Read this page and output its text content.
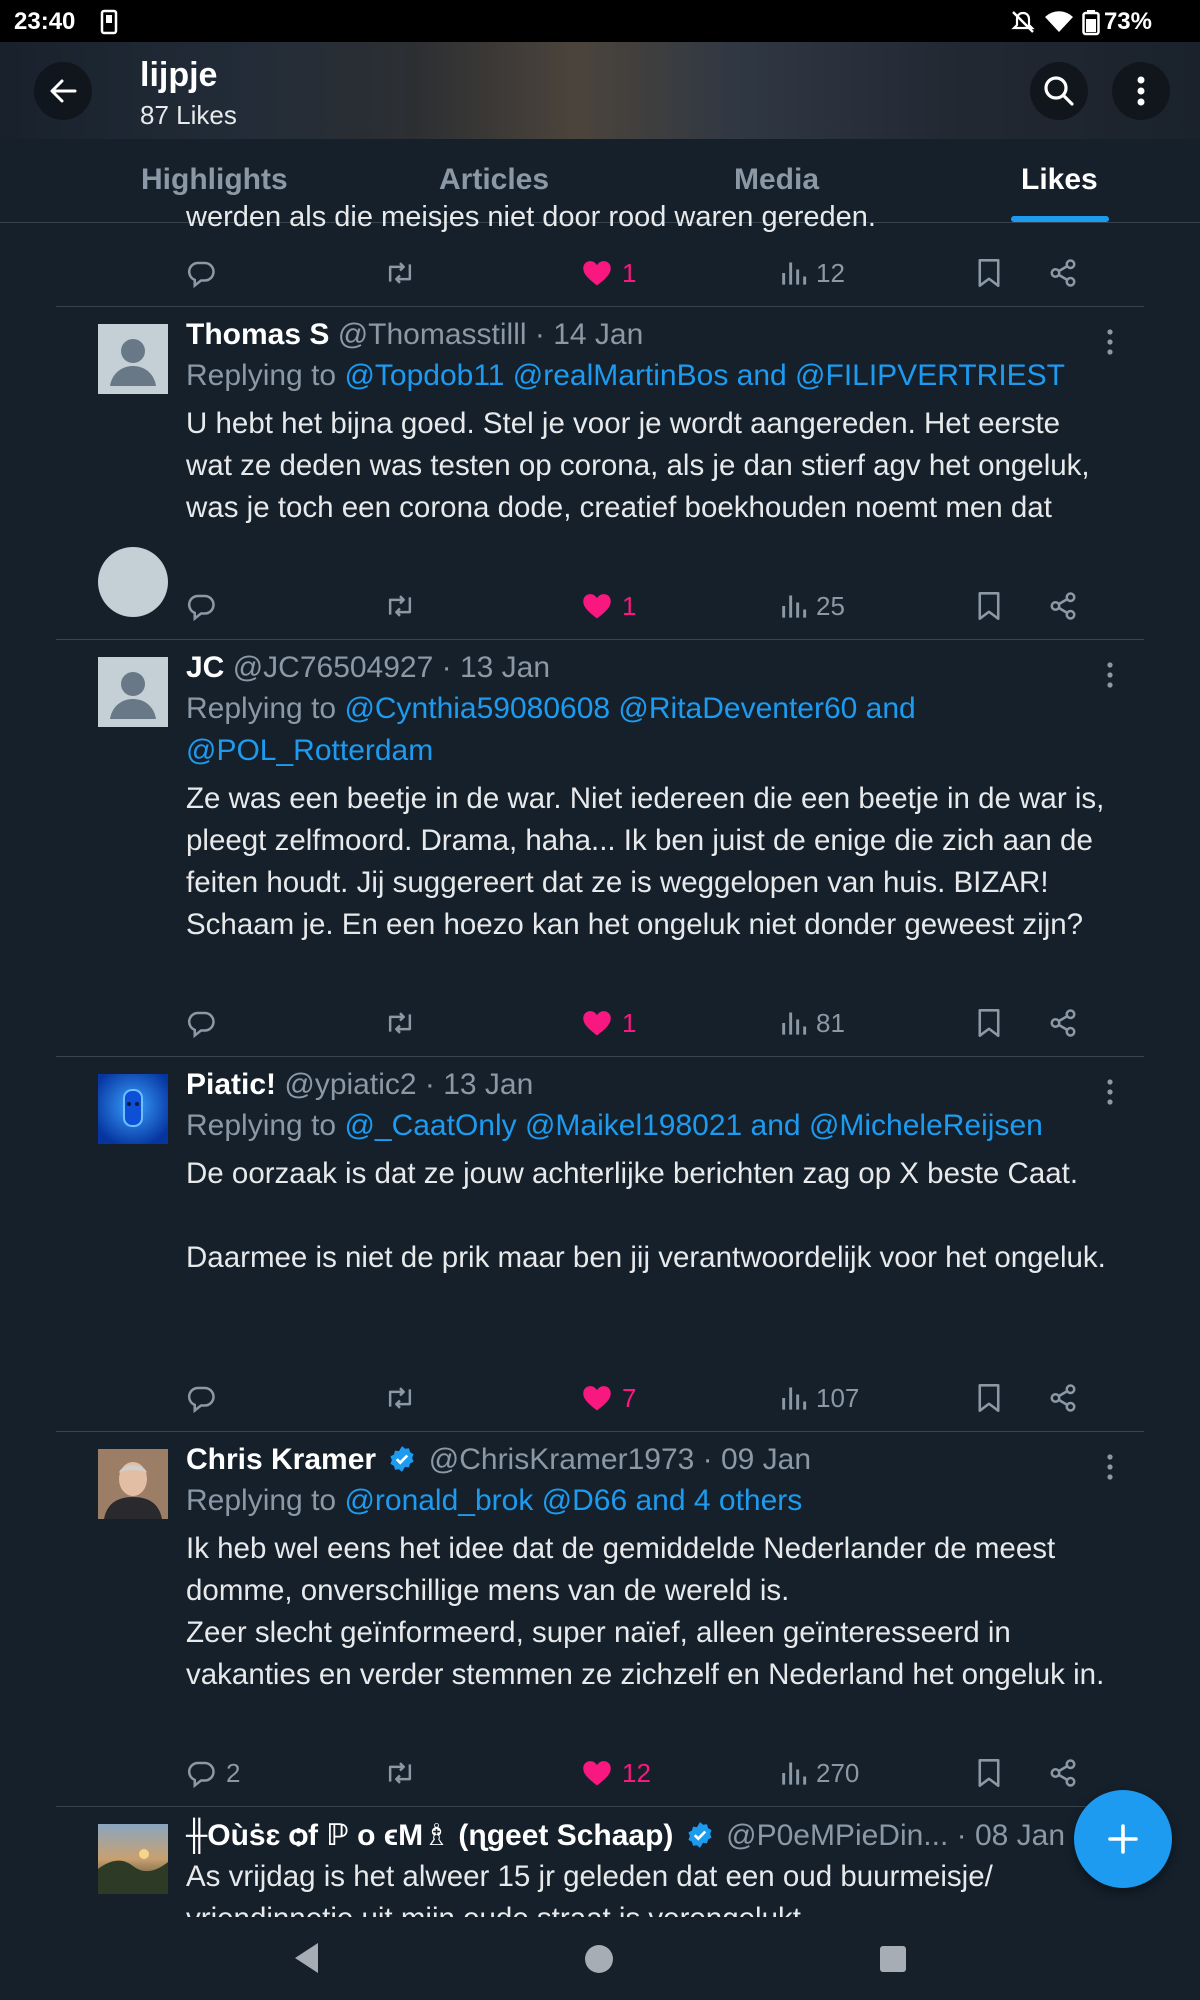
23:40	73%
lijpje
87 Likes
Highlights	Articles	Media	Likes
werden als die meisjes niet door rood waren gereden.
1	12
Thomas S @Thomasstilll · 14 Jan
Replying to @Topdob11 @realMartinBos and @FILIPVERTRIEST
U hebt het bijna goed. Stel je voor je wordt aangereden. Het eerste wat ze deden was testen op corona, als je dan stierf agv het ongeluk, was je toch een corona dode, creatief boekhouden noemt men dat
1	25
JC @JC76504927 · 13 Jan
Replying to @Cynthia59080608 @RitaDeventer60 and @POL_Rotterdam
Ze was een beetje in de war. Niet iedereen die een beetje in de war is, pleegt zelfmoord. Drama, haha... Ik ben juist de enige die zich aan de feiten houdt. Jij suggereert dat ze is weggelopen van huis. BIZAR! Schaam je. En een hoezo kan het ongeluk niet donder geweest zijn?
1	81
Piatic! @ypiatic2 · 13 Jan
Replying to @_CaatOnly @Maikel198021 and @MicheleReijsen
De oorzaak is dat ze jouw achterlijke berichten zag op X beste Caat.

Daarmee is niet de prik maar ben jij verantwoordelijk voor het ongeluk.
7	107
Chris Kramer @ChrisKramer1973 · 09 Jan
Replying to @ronald_brok @D66 and 4 others
Ik heb wel eens het idee dat de gemiddelde Nederlander de meest domme, onverschillige mens van de wereld is.
Zeer slecht geïnformeerd, super naïef, alleen geïnteresseerd in vakanties en verder stemmen ze zichzelf en Nederland het ongeluk in.
2	12	270
╫Oùṡɛ ѻf ℙ ο ϵΜ♗ (ɳgeet Schaap) @P0eMPieDin... · 08 Jan
As vrijdag is het alweer 15 jr geleden dat een oud buurmeisje/
